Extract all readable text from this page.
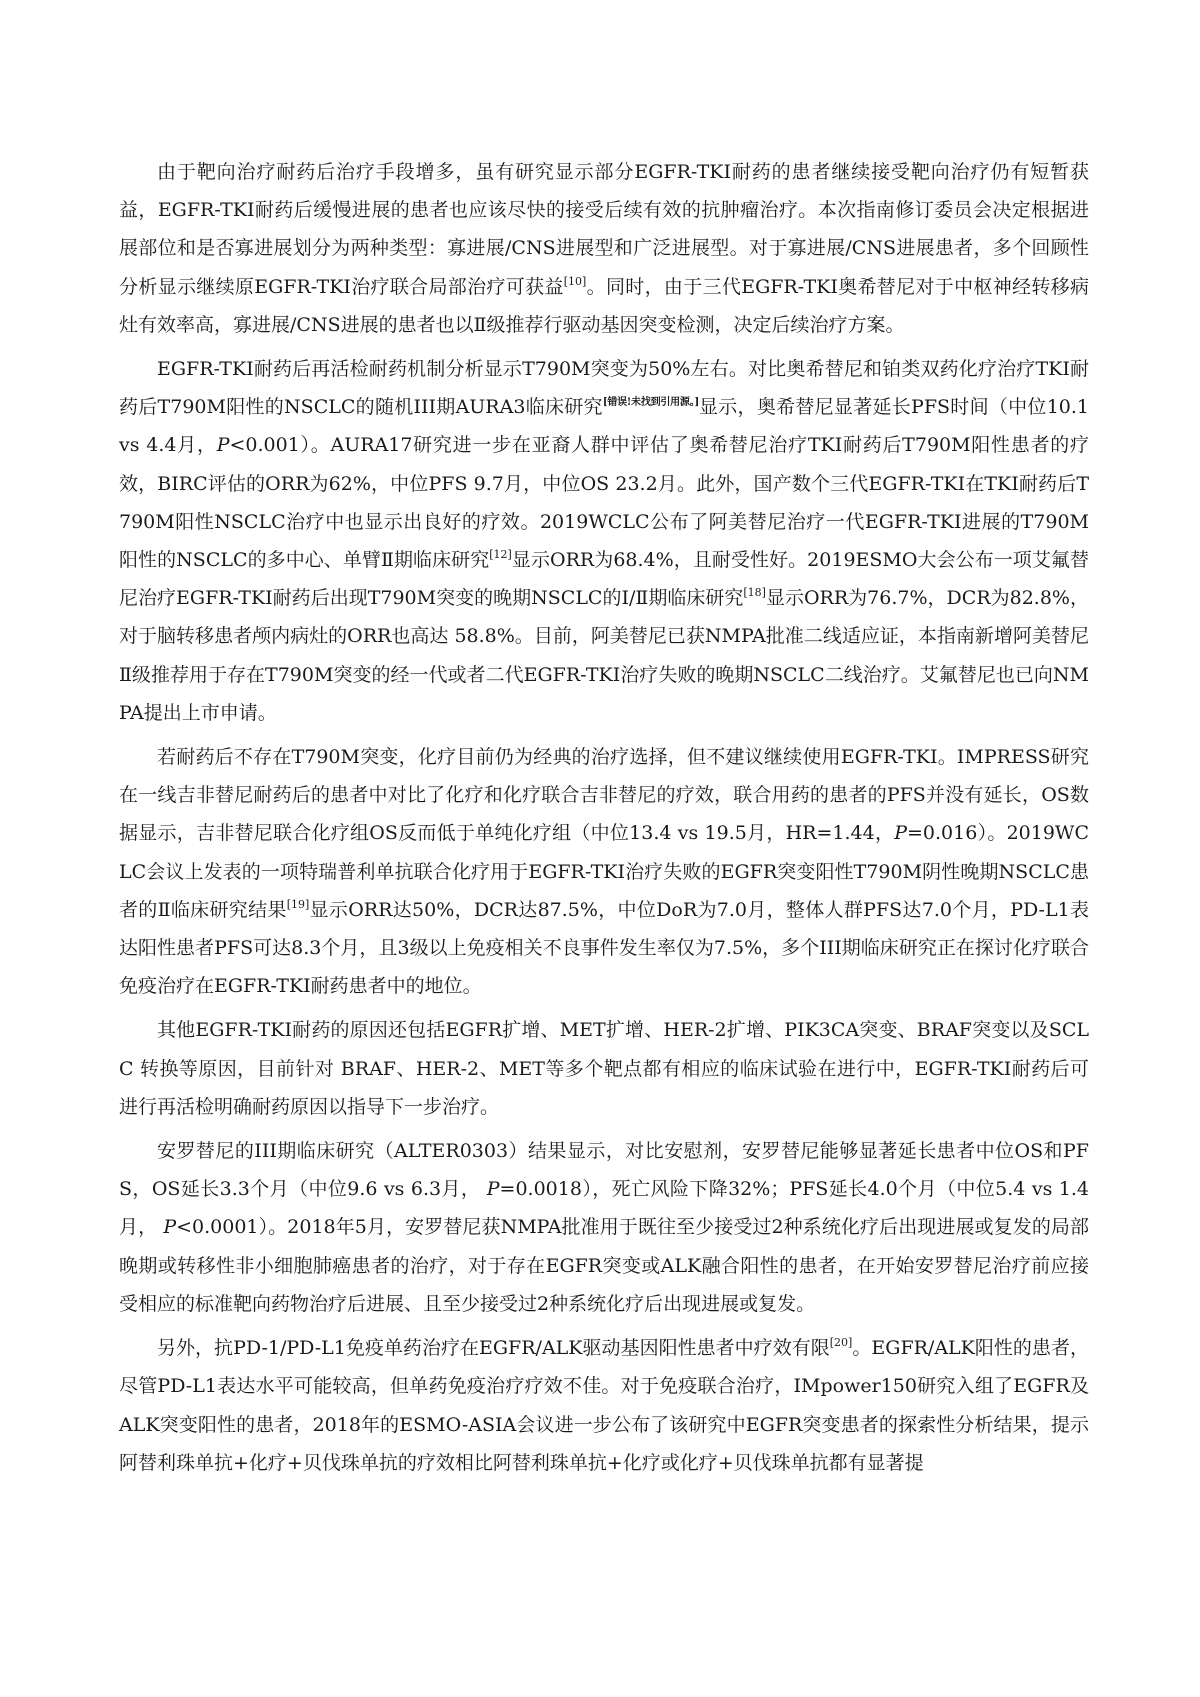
由于靶向治疗耐药后治疗手段增多，虽有研究显示部分EGFR-TKI耐药的患者继续接受靶向治疗仍有短暂获益，EGFR-TKI耐药后缓慢进展的患者也应该尽快的接受后续有效的抗肿瘤治疗。本次指南修订委员会决定根据进展部位和是否寡进展划分为两种类型：寡进展/CNS进展型和广泛进展型。对于寡进展/CNS进展患者，多个回顾性分析显示继续原EGFR-TKI治疗联合局部治疗可获益[10]。同时，由于三代EGFR-TKI奥希替尼对于中枢神经转移病灶有效率高，寡进展/CNS进展的患者也以Ⅱ级推荐行驱动基因突变检测，决定后续治疗方案。

EGFR-TKI耐药后再活检耐药机制分析显示T790M突变为50%左右。对比奥希替尼和铂类双药化疗治疗TKI耐药后T790M阳性的NSCLC的随机III期AURA3临床研究[错误!未找到引用源。]显示，奥希替尼显著延长PFS时间（中位10.1 vs 4.4月，P<0.001）。AURA17研究进一步在亚裔人群中评估了奥希替尼治疗TKI耐药后T790M阳性患者的疗效，BIRC评估的ORR为62%，中位PFS 9.7月，中位OS 23.2月。此外，国产数个三代EGFR-TKI在TKI耐药后T790M阳性NSCLC治疗中也显示出良好的疗效。2019WCLC公布了阿美替尼治疗一代EGFR-TKI进展的T790M阳性的NSCLC的多中心、单臂Ⅱ期临床研究[12]显示ORR为68.4%，且耐受性好。2019ESMO大会公布一项艾氟替尼治疗EGFR-TKI耐药后出现T790M突变的晚期NSCLC的Ⅰ/Ⅱ期临床研究[18]显示ORR为76.7%，DCR为82.8%，对于脑转移患者颅内病灶的ORR也高达 58.8%。目前，阿美替尼已获NMPA批准二线适应证，本指南新增阿美替尼Ⅱ级推荐用于存在T790M突变的经一代或者二代EGFR-TKI治疗失败的晚期NSCLC二线治疗。艾氟替尼也已向NMPA提出上市申请。

若耐药后不存在T790M突变，化疗目前仍为经典的治疗选择，但不建议继续使用EGFR-TKI。IMPRESS研究在一线吉非替尼耐药后的患者中对比了化疗和化疗联合吉非替尼的疗效，联合用药的患者的PFS并没有延长，OS数据显示，吉非替尼联合化疗组OS反而低于单纯化疗组（中位13.4 vs 19.5月，HR=1.44，P=0.016）。2019WCLC会议上发表的一项特瑞普利单抗联合化疗用于EGFR-TKI治疗失败的EGFR突变阳性T790M阴性晚期NSCLC患者的Ⅱ临床研究结果[19]显示ORR达50%，DCR达87.5%，中位DoR为7.0月，整体人群PFS达7.0个月，PD-L1表达阳性患者PFS可达8.3个月，且3级以上免疫相关不良事件发生率仅为7.5%，多个III期临床研究正在探讨化疗联合免疫治疗在EGFR-TKI耐药患者中的地位。

其他EGFR-TKI耐药的原因还包括EGFR扩增、MET扩增、HER-2扩增、PIK3CA突变、BRAF突变以及SCLC 转换等原因，目前针对 BRAF、HER-2、MET等多个靶点都有相应的临床试验在进行中，EGFR-TKI耐药后可进行再活检明确耐药原因以指导下一步治疗。

安罗替尼的III期临床研究（ALTER0303）结果显示，对比安慰剂，安罗替尼能够显著延长患者中位OS和PFS，OS延长3.3个月（中位9.6 vs 6.3月， P=0.0018），死亡风险下降32%；PFS延长4.0个月（中位5.4 vs 1.4月， P<0.0001）。2018年5月，安罗替尼获NMPA批准用于既往至少接受过2种系统化疗后出现进展或复发的局部晚期或转移性非小细胞肺癌患者的治疗，对于存在EGFR突变或ALK融合阳性的患者，在开始安罗替尼治疗前应接受相应的标准靶向药物治疗后进展、且至少接受过2种系统化疗后出现进展或复发。

另外，抗PD-1/PD-L1免疫单药治疗在EGFR/ALK驱动基因阳性患者中疗效有限[20]。EGFR/ALK阳性的患者，尽管PD-L1表达水平可能较高，但单药免疫治疗疗效不佳。对于免疫联合治疗，IMpower150研究入组了EGFR及ALK突变阳性的患者，2018年的ESMO-ASIA会议进一步公布了该研究中EGFR突变患者的探索性分析结果，提示阿替利珠单抗+化疗+贝伐珠单抗的疗效相比阿替利珠单抗+化疗或化疗+贝伐珠单抗都有显著提
